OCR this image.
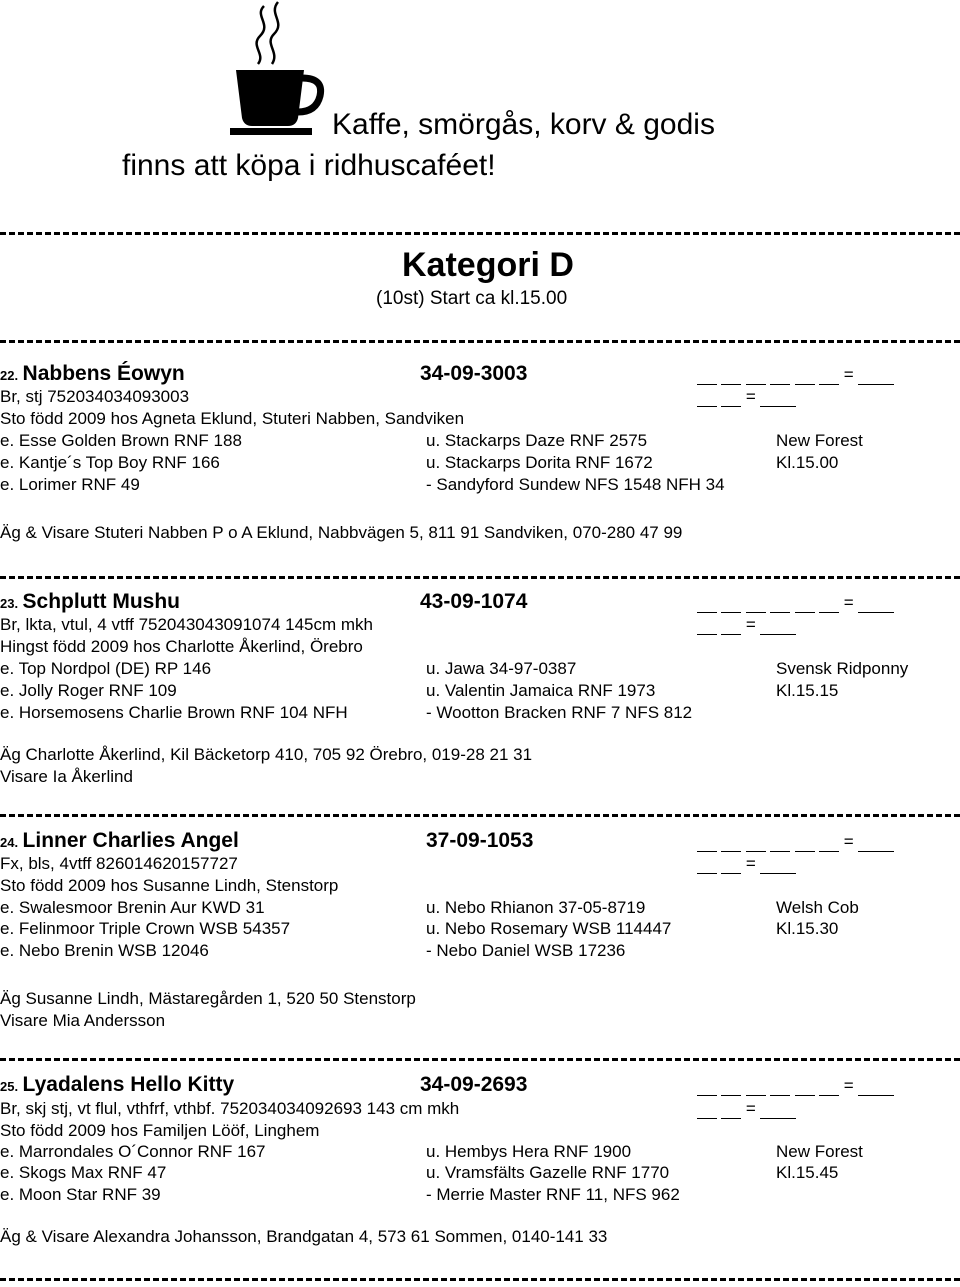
Kaffe, smörgås, korv & godis
finns att köpa i ridhuscaféet!
Kategori D
(10st) Start ca kl.15.00
22. Nabbens Éowyn	34-09-3003	=
Br, stj 752034034093003	=
Sto född 2009 hos Agneta Eklund, Stuteri Nabben, Sandviken
e. Esse Golden Brown RNF 188	u. Stackarps Daze RNF 2575	New Forest
e. Kantje´s Top Boy RNF 166	u. Stackarps Dorita RNF 1672	Kl.15.00
e. Lorimer RNF 49	- Sandyford Sundew NFS 1548 NFH 34
Äg & Visare Stuteri Nabben P o A Eklund, Nabbvägen 5, 811 91 Sandviken, 070-280 47 99
23. Schplutt Mushu	43-09-1074	=
Br, lkta, vtul, 4 vtff 752043043091074 145cm mkh	=
Hingst född 2009 hos Charlotte Åkerlind, Örebro
e. Top Nordpol (DE) RP 146	u. Jawa 34-97-0387	Svensk Ridponny
e. Jolly Roger RNF 109	u. Valentin Jamaica RNF 1973	Kl.15.15
e. Horsemosens Charlie Brown RNF 104 NFH	- Wootton Bracken RNF 7 NFS 812
Äg Charlotte Åkerlind, Kil Bäcketorp 410, 705 92 Örebro, 019-28 21 31
Visare Ia Åkerlind
24. Linner Charlies Angel	37-09-1053	=
Fx, bls, 4vtff 826014620157727	=
Sto född 2009 hos Susanne Lindh, Stenstorp
e. Swalesmoor Brenin Aur KWD 31	u. Nebo Rhianon 37-05-8719	Welsh Cob
e. Felinmoor Triple Crown WSB 54357	u. Nebo Rosemary WSB 114447	Kl.15.30
e. Nebo Brenin WSB 12046	- Nebo Daniel WSB 17236
Äg Susanne Lindh, Mästaregården 1, 520 50 Stenstorp
Visare Mia Andersson
25. Lyadalens Hello Kitty	34-09-2693	=
Br, skj stj, vt flul, vthfrf, vthbf. 752034034092693 143 cm mkh	=
Sto född 2009 hos Familjen Lööf, Linghem
e. Marrondales O´Connor RNF 167	u. Hembys Hera RNF 1900	New Forest
e. Skogs Max RNF 47	u. Vramsfälts Gazelle RNF 1770	Kl.15.45
e. Moon Star RNF 39	- Merrie Master RNF 11, NFS 962
Äg & Visare Alexandra Johansson, Brandgatan 4, 573 61 Sommen, 0140-141 33
